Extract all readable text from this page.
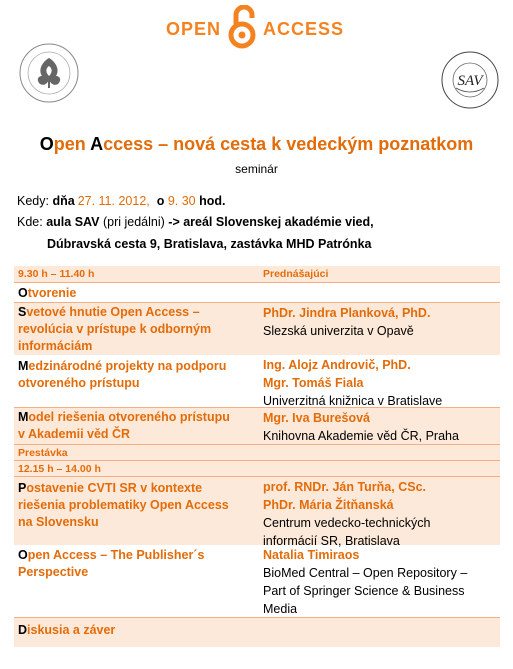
OPEN ACCESS
SAV
Open Access – nová cesta k vedeckým poznatkom
seminár
Kedy: dňa 27. 11. 2012, o 9. 30 hod.
Kde: aula SAV (pri jedálni) -> areál Slovenskej akadémie vied,
Dúbravská cesta 9, Bratislava, zastávka MHD Patrónka
9.30 h – 11.40 h	Prednášajúci
Otvorenie
Svetové hnutie Open Access –
revolúcia v prístupe k odborným
informáciám
PhDr. Jindra Planková, PhD.
Slezská univerzita v Opavě
Medzinárodné projekty na podporu
otvoreného prístupu
Ing. Alojz Androvič, PhD.
Mgr. Tomáš Fiala
Univerzitná knižnica v Bratislave
Model riešenia otvoreného prístupu
v Akademii věd ČR
Mgr. Iva Burešová
Knihovna Akademie věd ČR, Praha
Prestávka
12.15 h – 14.00 h
Postavenie CVTI SR v kontexte
riešenia problematiky Open Access
na Slovensku
prof. RNDr. Ján Turňa, CSc.
PhDr. Mária Žitňanská
Centrum vedecko-technických
informácií SR, Bratislava
Open Access – The Publisher´s
Perspective
Natalia Timiraos
BioMed Central – Open Repository –
Part of Springer Science & Business
Media
Diskusia a záver
